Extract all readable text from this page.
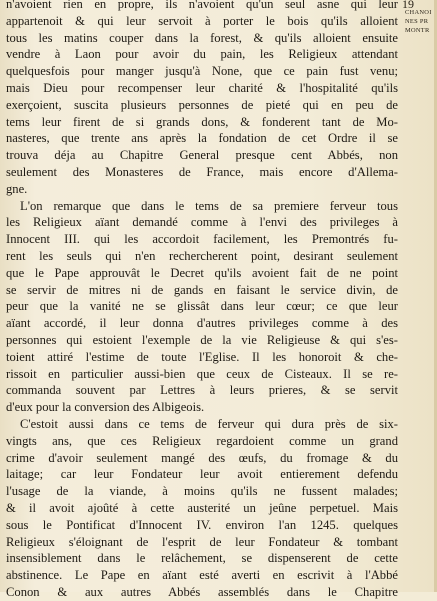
19
CHANOI
NES PR
MONTR
n'avoient rien en propre, ils n'avoient qu'un seul asne qui leur
appartenoit & qui leur servoit à porter le bois qu'ils alloient
tous les matins couper dans la forest, & qu'ils alloient ensuite
vendre à Laon pour avoir du pain, les Religieux attendant
quelquesfois pour manger jusqu'à None, que ce pain fust venu;
mais Dieu pour recompenser leur charité & l'hospitalité qu'ils
exerçoient, suscita plusieurs personnes de pieté qui en peu de
tems leur firent de si grands dons, & fonderent tant de Mo-
nasteres, que trente ans après la fondation de cet Ordre il se
trouva déja au Chapitre General presque cent Abbés, non
seulement des Monasteres de France, mais encore d'Allema-
gne.
L'on remarque que dans le tems de sa premiere ferveur tous
les Religieux aïant demandé comme à l'envi des privileges à
Innocent III. qui les accordoit facilement, les Premontrés fu-
rent les seuls qui n'en rechercherent point, desirant seulement
que le Pape approuvât le Decret qu'ils avoient fait de ne point
se servir de mitres ni de gands en faisant le service divin, de
peur que la vanité ne se glissât dans leur cœur; ce que leur
aïant accordé, il leur donna d'autres privileges comme à des
personnes qui estoient l'exemple de la vie Religieuse & qui s'es-
toient attiré l'estime de toute l'Eglise. Il les honoroit & che-
rissoit en particulier aussi-bien que ceux de Cisteaux. Il se re-
commanda souvent par Lettres à leurs prieres, & se servit
d'eux pour la conversion des Albigeois.
C'estoit aussi dans ce tems de ferveur qui dura près de six-
vingts ans, que ces Religieux regardoient comme un grand
crime d'avoir seulement mangé des œufs, du fromage & du
laitage; car leur Fondateur leur avoit entierement defendu
l'usage de la viande, à moins qu'ils ne fussent malades;
& il avoit ajoûté à cette austerité un jeûne perpetuel. Mais
sous le Pontificat d'Innocent IV. environ l'an 1245. quelques
Religieux s'éloignant de l'esprit de leur Fondateur & tombant
insensiblement dans le relâchement, se dispenserent de cette
abstinence. Le Pape en aïant esté averti en escrivit à l'Abbé
Conon & aux autres Abbés assemblés dans le Chapitre
